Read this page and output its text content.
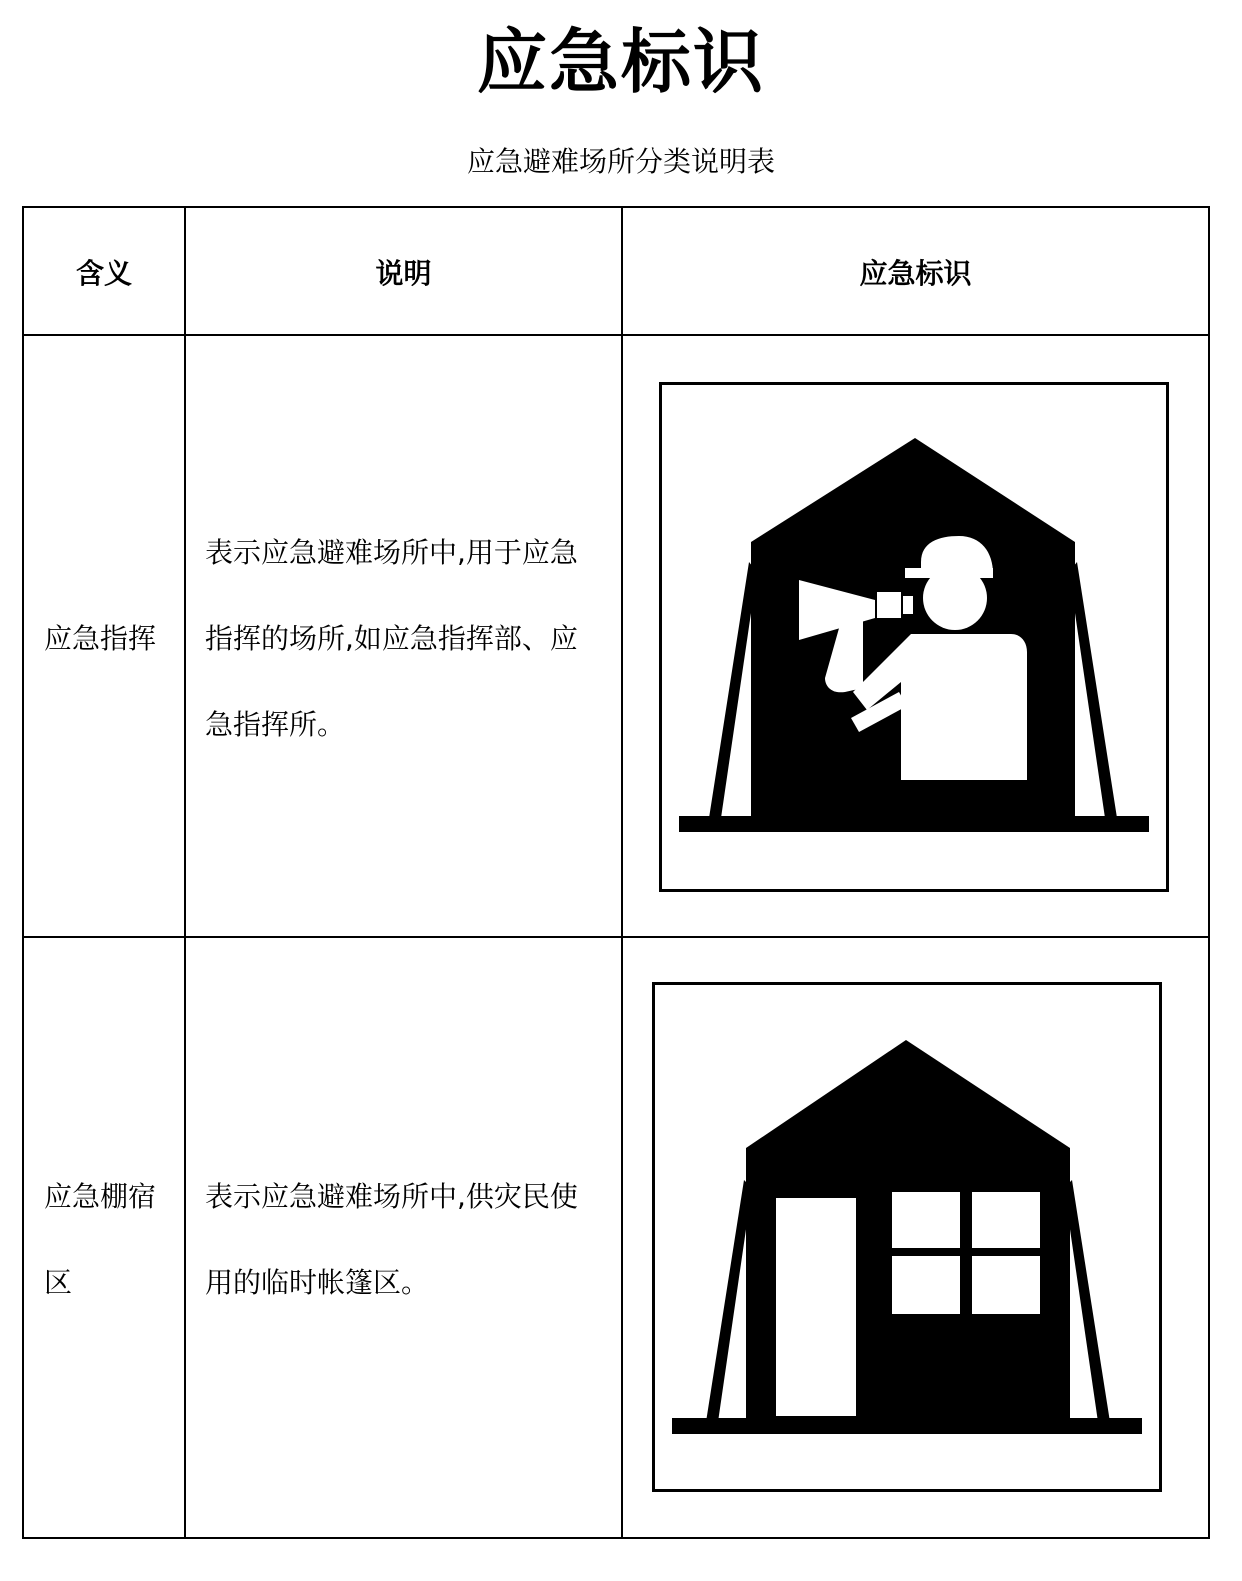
应急标识
应急避难场所分类说明表
含义	说明	应急标识
应急指挥
表示应急避难场所中,用于应急
指挥的场所,如应急指挥部、应
急指挥所。
应急棚宿
区
表示应急避难场所中,供灾民使
用的临时帐篷区。
